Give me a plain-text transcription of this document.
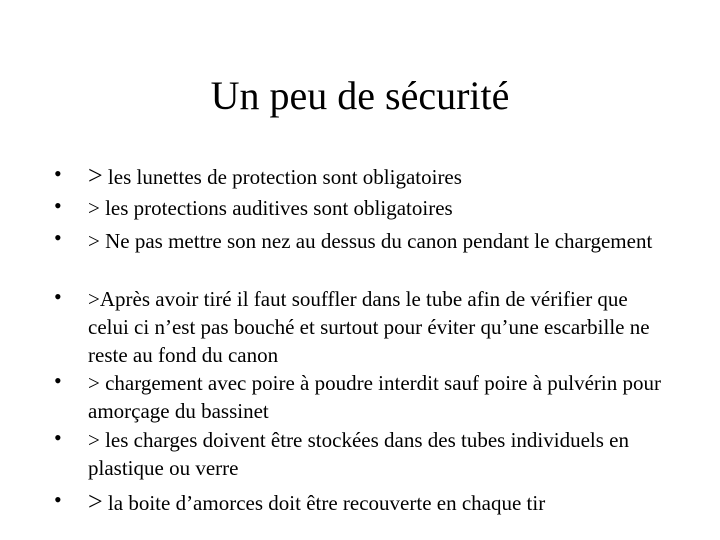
Un peu de sécurité
•	> les lunettes de protection sont obligatoires
•	> les protections auditives sont obligatoires
•	> Ne pas mettre son nez au dessus du canon pendant le chargement
•	>Après avoir tiré il faut souffler dans le tube afin de vérifier que celui ci n’est pas bouché et surtout pour éviter qu’une escarbille ne reste au fond du canon
•	> chargement avec poire à poudre interdit sauf poire à pulvérin pour amorçage du bassinet
•	> les charges doivent être stockées dans des tubes individuels en plastique ou verre
•	> la boite d’amorces doit être recouverte en chaque tir
